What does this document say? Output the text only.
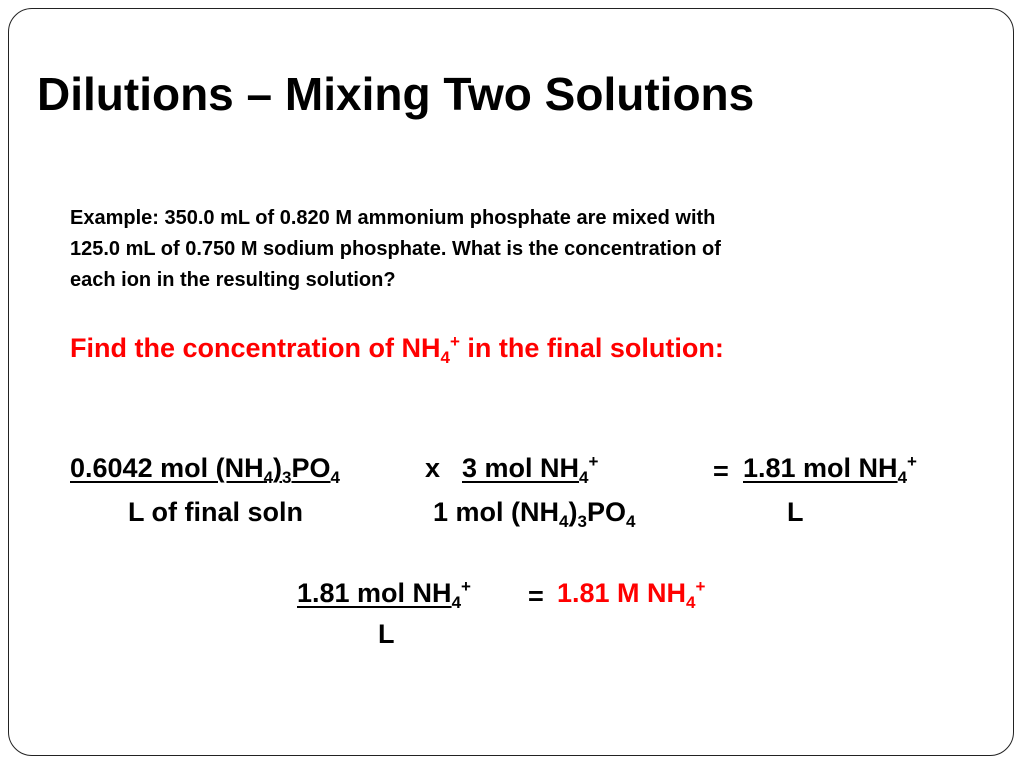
Dilutions – Mixing Two Solutions
Example: 350.0 mL of 0.820 M ammonium phosphate are mixed with
125.0 mL of 0.750 M sodium phosphate. What is the concentration of
each ion in the resulting solution?
Find the concentration of $NH_4^+$ in the final solution:
0.6042 mol $(NH_4)_3PO_4$	x 3 mol $NH_4^+$	= 1.81 mol $NH_4^+$
L of final soln	1 mol $(NH_4)_3PO_4$	L
1.81 mol $NH_4^+ = 1.81$ M $NH_4^+$
L
